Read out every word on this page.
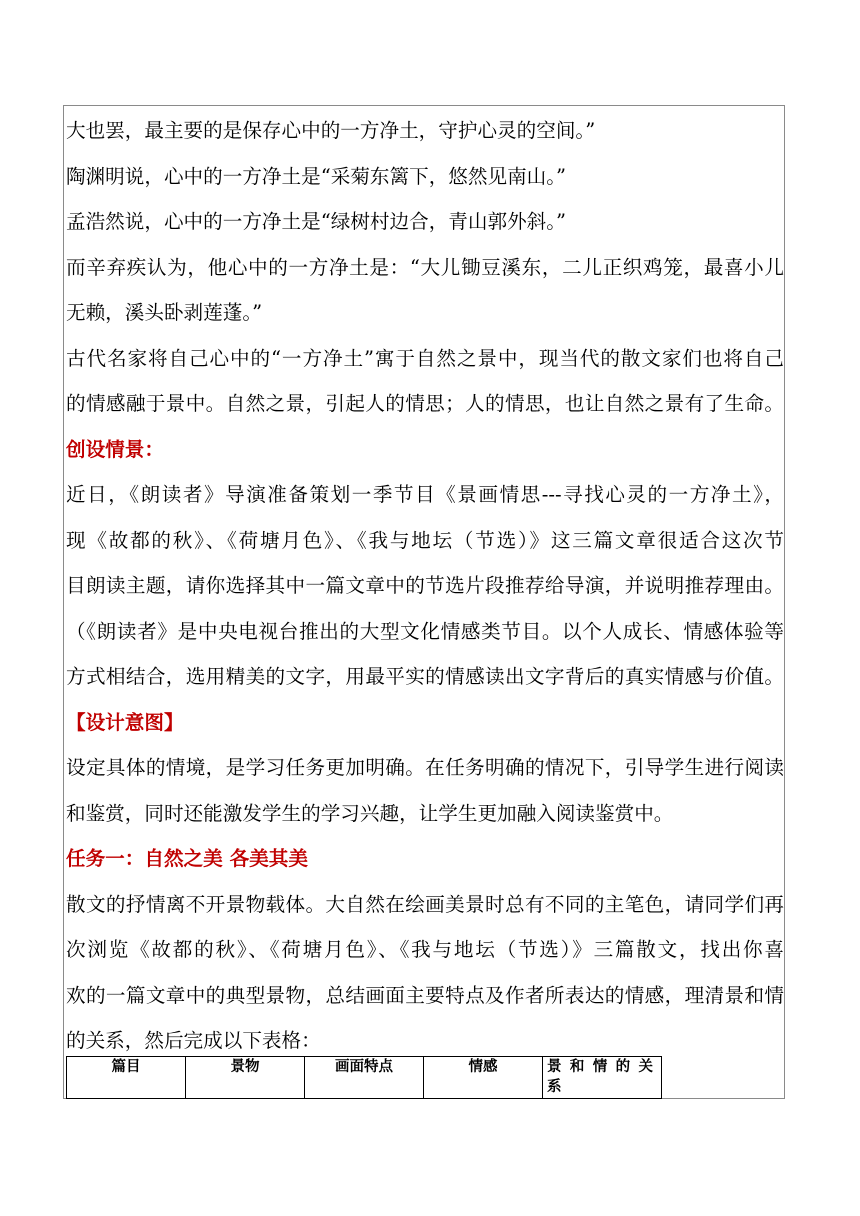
大也罢，最主要的是保存心中的一方净土，守护心灵的空间。”
陶渊明说，心中的一方净土是“采菊东篱下，悠然见南山。”
孟浩然说，心中的一方净土是“绿树村边合，青山郭外斜。”
而辛弃疾认为，他心中的一方净土是：“大儿锄豆溪东，二儿正织鸡笼，最喜小儿
无赖，溪头卧剥莲蓬。”
古代名家将自己心中的“一方净土”寓于自然之景中，现当代的散文家们也将自己
的情感融于景中。自然之景，引起人的情思；人的情思，也让自然之景有了生命。
创设情景：
近日，《朗读者》导演准备策划一季节目《景画情思---寻找心灵的一方净土》，
现《故都的秋》、《荷塘月色》、《我与地坛（节选）》这三篇文章很适合这次节
目朗读主题，请你选择其中一篇文章中的节选片段推荐给导演，并说明推荐理由。
（《朗读者》是中央电视台推出的大型文化情感类节目。以个人成长、情感体验等
方式相结合，选用精美的文字，用最平实的情感读出文字背后的真实情感与价值。
【设计意图】
设定具体的情境，是学习任务更加明确。在任务明确的情况下，引导学生进行阅读
和鉴赏，同时还能激发学生的学习兴趣，让学生更加融入阅读鉴赏中。
任务一：自然之美 各美其美
散文的抒情离不开景物载体。大自然在绘画美景时总有不同的主笔色，请同学们再
次浏览《故都的秋》、《荷塘月色》、《我与地坛（节选）》三篇散文，找出你喜
欢的一篇文章中的典型景物，总结画面主要特点及作者所表达的情感，理清景和情
的关系，然后完成以下表格：
篇目	景物	画面特点	情感	景和情的关系
